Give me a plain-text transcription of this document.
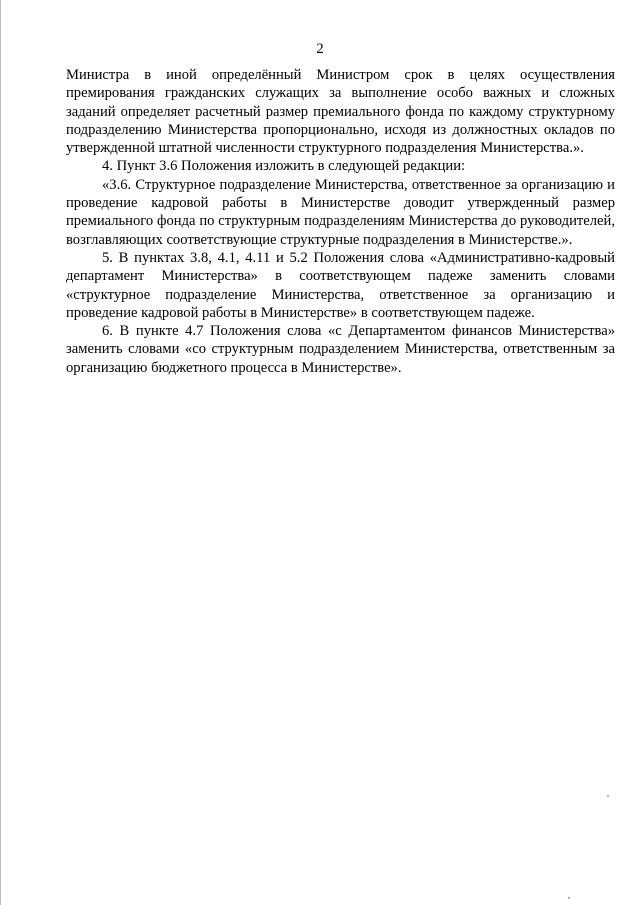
2

Министра в иной определённый Министром срок в целях осуществления премирования гражданских служащих за выполнение особо важных и сложных заданий определяет расчетный размер премиального фонда по каждому структурному подразделению Министерства пропорционально, исходя из должностных окладов по утвержденной штатной численности структурного подразделения Министерства.».

4. Пункт 3.6 Положения изложить в следующей редакции:

«3.6. Структурное подразделение Министерства, ответственное за организацию и проведение кадровой работы в Министерстве доводит утвержденный размер премиального фонда по структурным подразделениям Министерства до руководителей, возглавляющих соответствующие структурные подразделения в Министерстве.».

5. В пунктах 3.8, 4.1, 4.11 и 5.2 Положения слова «Административно-кадровый департамент Министерства» в соответствующем падеже заменить словами «структурное подразделение Министерства, ответственное за организацию и проведение кадровой работы в Министерстве» в соответствующем падеже.

6. В пункте 4.7 Положения слова «с Департаментом финансов Министерства» заменить словами «со структурным подразделением Министерства, ответственным за организацию бюджетного процесса в Министерстве».
